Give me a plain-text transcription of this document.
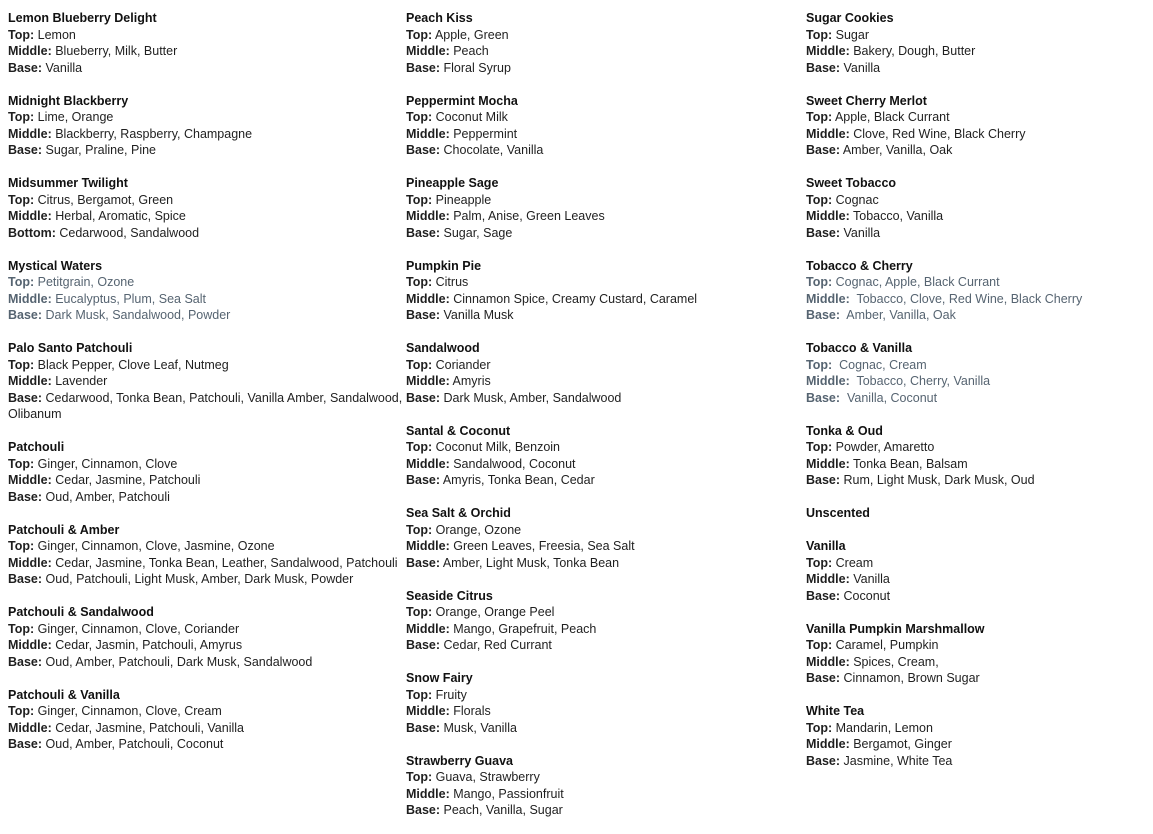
Lemon Blueberry Delight
Top: Lemon
Middle: Blueberry, Milk, Butter
Base: Vanilla
Midnight Blackberry
Top: Lime, Orange
Middle: Blackberry, Raspberry, Champagne
Base: Sugar, Praline, Pine
Midsummer Twilight
Top: Citrus, Bergamot, Green
Middle: Herbal, Aromatic, Spice
Bottom: Cedarwood, Sandalwood
Mystical Waters
Top: Petitgrain, Ozone
Middle: Eucalyptus, Plum, Sea Salt
Base: Dark Musk, Sandalwood, Powder
Palo Santo Patchouli
Top: Black Pepper, Clove Leaf, Nutmeg
Middle: Lavender
Base: Cedarwood, Tonka Bean, Patchouli, Vanilla Amber, Sandalwood, Olibanum
Patchouli
Top: Ginger, Cinnamon, Clove
Middle: Cedar, Jasmine, Patchouli
Base: Oud, Amber, Patchouli
Patchouli & Amber
Top: Ginger, Cinnamon, Clove, Jasmine, Ozone
Middle: Cedar, Jasmine, Tonka Bean, Leather, Sandalwood, Patchouli
Base: Oud, Patchouli, Light Musk, Amber, Dark Musk, Powder
Patchouli & Sandalwood
Top: Ginger, Cinnamon, Clove, Coriander
Middle: Cedar, Jasmin, Patchouli, Amyrus
Base: Oud, Amber, Patchouli, Dark Musk, Sandalwood
Patchouli & Vanilla
Top: Ginger, Cinnamon, Clove, Cream
Middle: Cedar, Jasmine, Patchouli, Vanilla
Base: Oud, Amber, Patchouli, Coconut
Peach Kiss
Top: Apple, Green
Middle: Peach
Base: Floral Syrup
Peppermint Mocha
Top: Coconut Milk
Middle: Peppermint
Base: Chocolate, Vanilla
Pineapple Sage
Top: Pineapple
Middle: Palm, Anise, Green Leaves
Base: Sugar, Sage
Pumpkin Pie
Top: Citrus
Middle: Cinnamon Spice, Creamy Custard, Caramel
Base: Vanilla Musk
Sandalwood
Top: Coriander
Middle: Amyris
Base: Dark Musk, Amber, Sandalwood
Santal & Coconut
Top: Coconut Milk, Benzoin
Middle: Sandalwood, Coconut
Base: Amyris, Tonka Bean, Cedar
Sea Salt & Orchid
Top: Orange, Ozone
Middle: Green Leaves, Freesia, Sea Salt
Base: Amber, Light Musk, Tonka Bean
Seaside Citrus
Top: Orange, Orange Peel
Middle: Mango, Grapefruit, Peach
Base: Cedar, Red Currant
Snow Fairy
Top: Fruity
Middle: Florals
Base: Musk, Vanilla
Strawberry Guava
Top: Guava, Strawberry
Middle: Mango, Passionfruit
Base: Peach, Vanilla, Sugar
Sugar Cookies
Top: Sugar
Middle: Bakery, Dough, Butter
Base: Vanilla
Sweet Cherry Merlot
Top: Apple, Black Currant
Middle: Clove, Red Wine, Black Cherry
Base: Amber, Vanilla, Oak
Sweet Tobacco
Top: Cognac
Middle: Tobacco, Vanilla
Base: Vanilla
Tobacco & Cherry
Top: Cognac, Apple, Black Currant
Middle:  Tobacco, Clove, Red Wine, Black Cherry
Base:  Amber, Vanilla, Oak
Tobacco & Vanilla
Top:  Cognac, Cream
Middle:  Tobacco, Cherry, Vanilla
Base:  Vanilla, Coconut
Tonka & Oud
Top: Powder, Amaretto
Middle: Tonka Bean, Balsam
Base: Rum, Light Musk, Dark Musk, Oud
Unscented
Vanilla
Top: Cream
Middle: Vanilla
Base: Coconut
Vanilla Pumpkin Marshmallow
Top: Caramel, Pumpkin
Middle: Spices, Cream,
Base: Cinnamon, Brown Sugar
White Tea
Top: Mandarin, Lemon
Middle: Bergamot, Ginger
Base: Jasmine, White Tea
